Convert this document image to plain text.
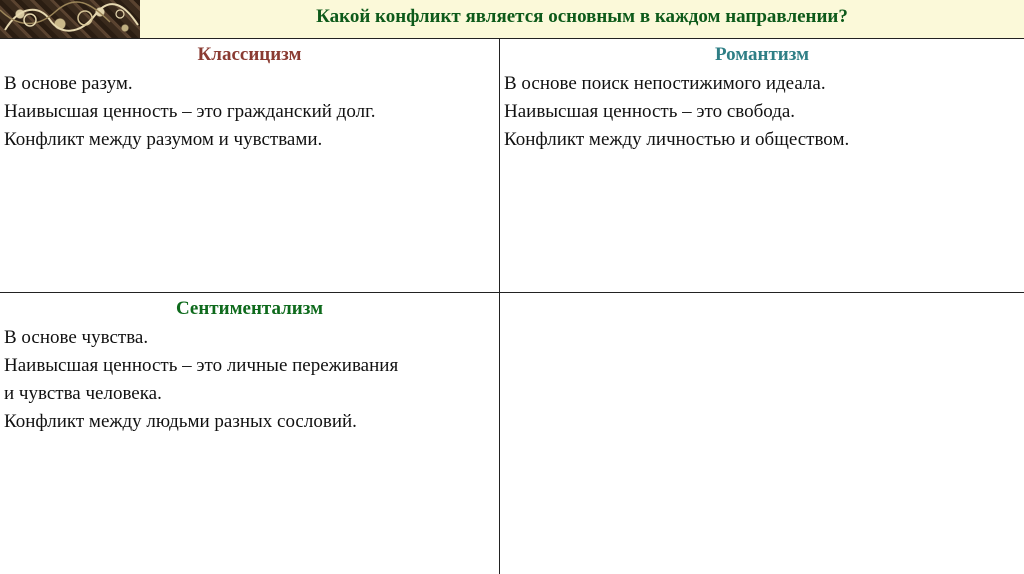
Какой конфликт является основным в каждом направлении?
Классицизм
В основе разум.
Наивысшая ценность – это гражданский долг.
Конфликт между разумом и чувствами.
Романтизм
В основе поиск непостижимого идеала.
Наивысшая ценность – это свобода.
Конфликт между личностью и обществом.
Сентиментализм
В основе чувства.
Наивысшая ценность – это личные переживания
и чувства человека.
Конфликт между людьми разных сословий.
